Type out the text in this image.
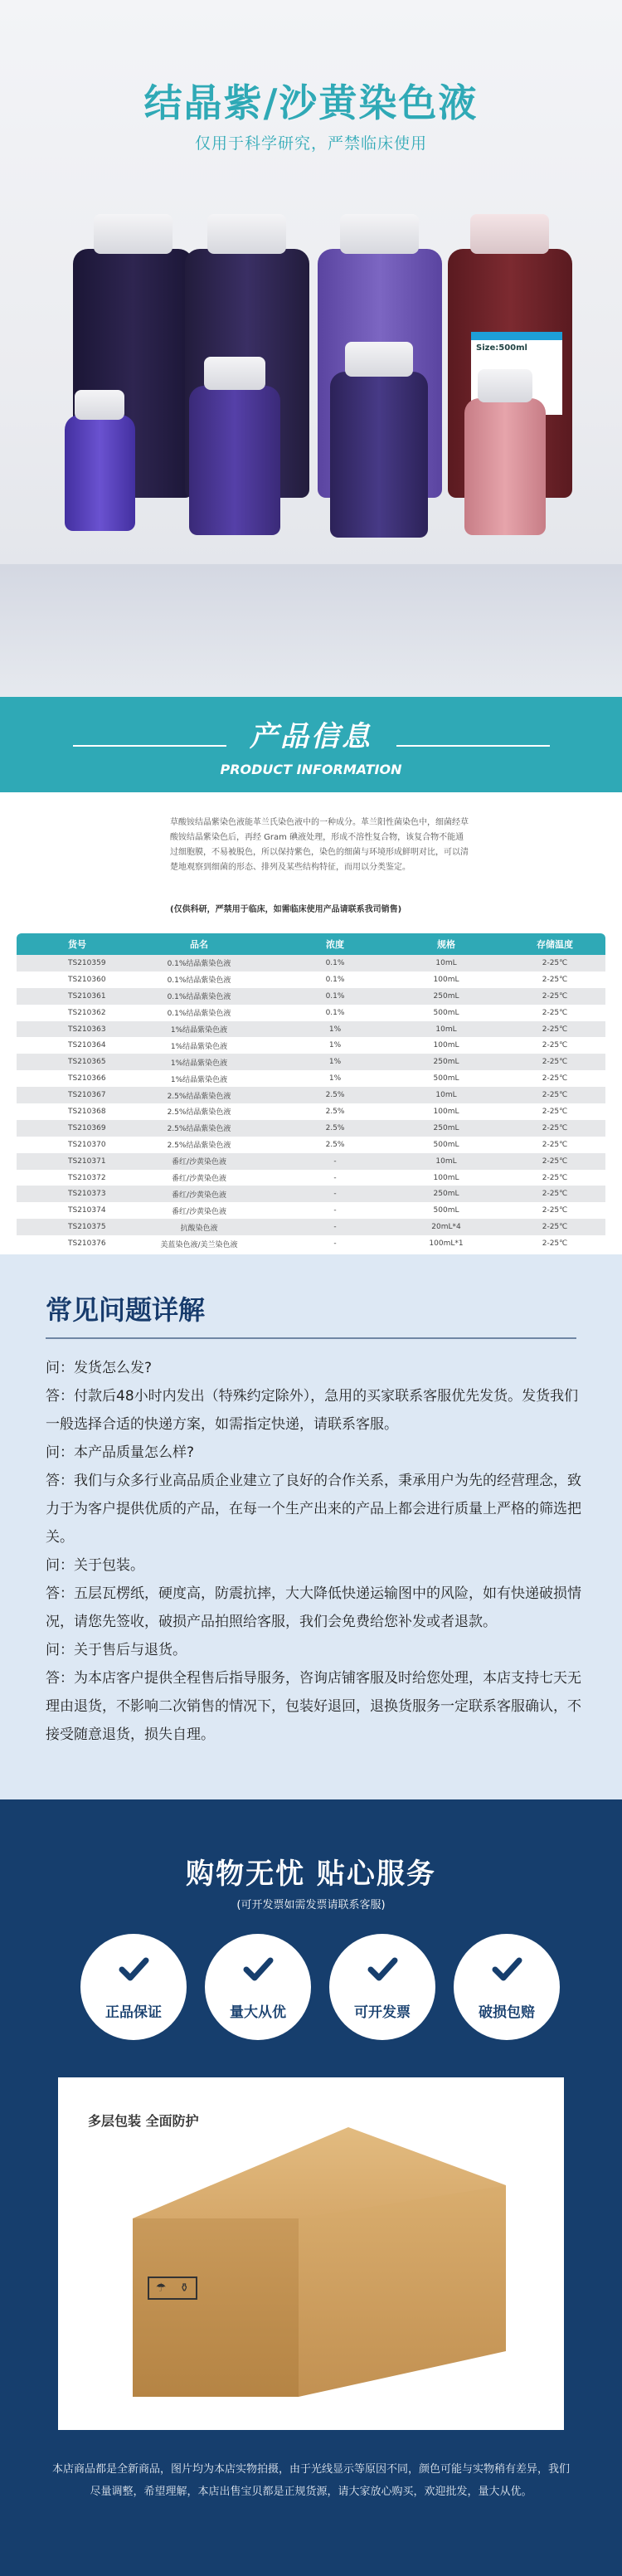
结晶紫/沙黄染色液
仅用于科学研究，严禁临床使用
Size:500ml
产品信息
PRODUCT INFORMATION
草酸铵结晶紫染色液能革兰氏染色液中的一种成分。革兰阳性菌染色中，细菌经草酸铵结晶紫染色后，再经 Gram 碘液处理，形成不溶性复合物，该复合物不能通过细胞膜，不易被脱色，所以保持紫色，染色的细菌与环境形成鲜明对比，可以清楚地观察到细菌的形态、排列及某些结构特征，而用以分类鉴定。
(仅供科研，严禁用于临床，如需临床使用产品请联系我司销售)
货号	品名	浓度	规格	存储温度
TS210359	0.1%结晶紫染色液	0.1%	10mL	2-25℃
TS210360	0.1%结晶紫染色液	0.1%	100mL	2-25℃
TS210361	0.1%结晶紫染色液	0.1%	250mL	2-25℃
TS210362	0.1%结晶紫染色液	0.1%	500mL	2-25℃
TS210363	1%结晶紫染色液	1%	10mL	2-25℃
TS210364	1%结晶紫染色液	1%	100mL	2-25℃
TS210365	1%结晶紫染色液	1%	250mL	2-25℃
TS210366	1%结晶紫染色液	1%	500mL	2-25℃
TS210367	2.5%结晶紫染色液	2.5%	10mL	2-25℃
TS210368	2.5%结晶紫染色液	2.5%	100mL	2-25℃
TS210369	2.5%结晶紫染色液	2.5%	250mL	2-25℃
TS210370	2.5%结晶紫染色液	2.5%	500mL	2-25℃
TS210371	番红/沙黄染色液	-	10mL	2-25℃
TS210372	番红/沙黄染色液	-	100mL	2-25℃
TS210373	番红/沙黄染色液	-	250mL	2-25℃
TS210374	番红/沙黄染色液	-	500mL	2-25℃
TS210375	抗酸染色液	-	20mL*4	2-25℃
TS210376	美蓝染色液/美兰染色液	-	100mL*1	2-25℃
常见问题详解

问：发货怎么发?

答：付款后48小时内发出（特殊约定除外），急用的买家联系客服优先发货。发货我们一般选择合适的快递方案，如需指定快递，请联系客服。

问：本产品质量怎么样?

答：我们与众多行业高品质企业建立了良好的合作关系，秉承用户为先的经营理念，致力于为客户提供优质的产品，在每一个生产出来的产品上都会进行质量上严格的筛选把关。

问：关于包装。

答：五层瓦楞纸，硬度高，防震抗摔，大大降低快递运输图中的风险，如有快递破损情况，请您先签收，破损产品拍照给客服，我们会免费给您补发或者退款。

问：关于售后与退货。

答：为本店客户提供全程售后指导服务，咨询店铺客服及时给您处理，本店支持七天无理由退货，不影响二次销售的情况下，包装好退回，退换货服务一定联系客服确认，不接受随意退货，损失自理。

购物无忧 贴心服务
(可开发票如需发票请联系客服)
正品保证	量大从优	可开发票	破损包赔
多层包装 全面防护
☂ ⚱
本店商品都是全新商品，图片均为本店实物拍摄，由于光线显示等原因不同，颜色可能与实物稍有差异，我们尽量调整，希望理解，本店出售宝贝都是正规货源，请大家放心购买，欢迎批发，量大从优。
